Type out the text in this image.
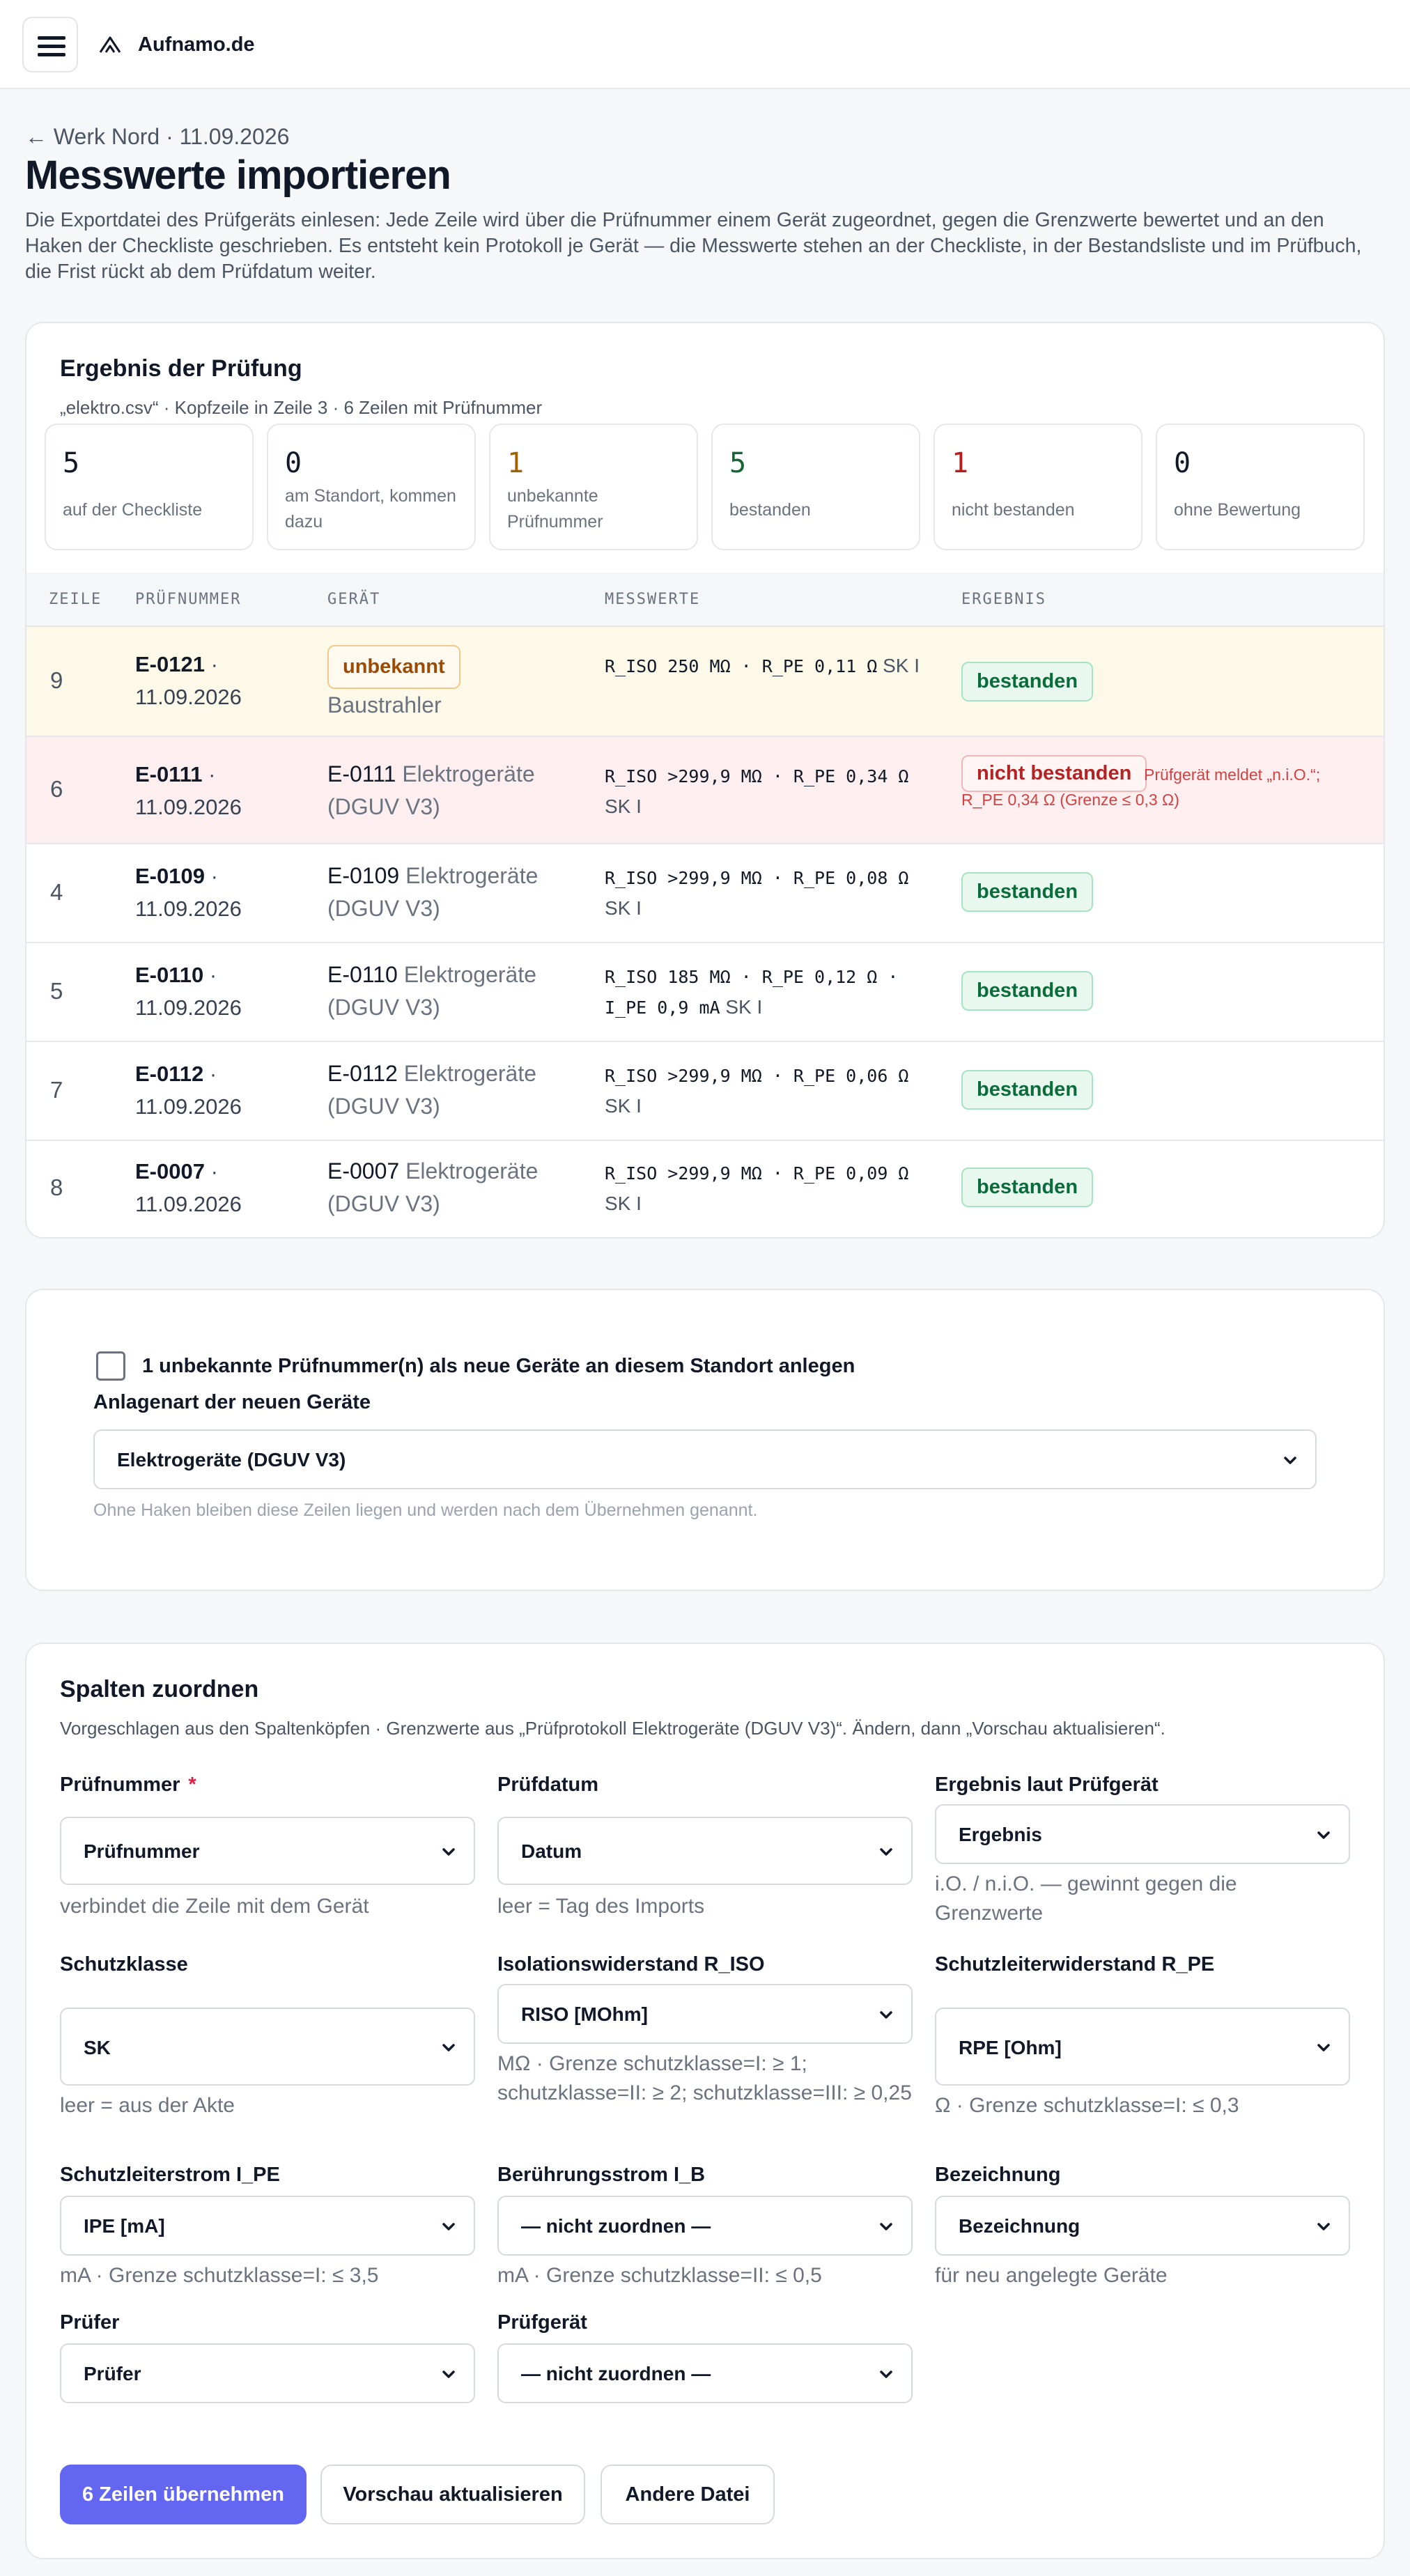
Aufnamo.de
← Werk Nord · 11.09.2026
Messwerte importieren

Die Exportdatei des Prüfgeräts einlesen: Jede Zeile wird über die Prüfnummer einem Gerät zugeordnet, gegen die Grenzwerte bewertet und an den Haken der Checkliste geschrieben. Es entsteht kein Protokoll je Gerät — die Messwerte stehen an der Checkliste, in der Bestandsliste und im Prüfbuch, die Frist rückt ab dem Prüfdatum weiter.

Ergebnis der Prüfung
„elektro.csv“ · Kopfzeile in Zeile 3 · 6 Zeilen mit Prüfnummer
5
auf der Checkliste
0
am Standort, kommen dazu
1
unbekannte Prüfnummer
5
bestanden
1
nicht bestanden
0
ohne Bewertung
ZEILE PRÜFNUMMER	GERÄT	MESSWERTE	ERGEBNIS
9
E-0121 · 11.09.2026
unbekannt
Baustrahler
R_ISO 250 MΩ · R_PE 0,11 Ω SK I
bestanden
6
E-0111 · 11.09.2026
E-0111 Elektrogeräte (DGUV V3)
R_ISO >299,9 MΩ · R_PE 0,34 Ω SK I
nicht bestanden Prüfgerät meldet „n.i.O.“; R_PE 0,34 Ω (Grenze ≤ 0,3 Ω)
4
E-0109 · 11.09.2026
E-0109 Elektrogeräte (DGUV V3)
R_ISO >299,9 MΩ · R_PE 0,08 Ω SK I
bestanden
5
E-0110 · 11.09.2026
E-0110 Elektrogeräte (DGUV V3)
R_ISO 185 MΩ · R_PE 0,12 Ω · I_PE 0,9 mA SK I
bestanden
7
E-0112 · 11.09.2026
E-0112 Elektrogeräte (DGUV V3)
R_ISO >299,9 MΩ · R_PE 0,06 Ω SK I
bestanden
8
E-0007 · 11.09.2026
E-0007 Elektrogeräte (DGUV V3)
R_ISO >299,9 MΩ · R_PE 0,09 Ω SK I
bestanden
1 unbekannte Prüfnummer(n) als neue Geräte an diesem Standort anlegen
Anlagenart der neuen Geräte
Elektrogeräte (DGUV V3)
Ohne Haken bleiben diese Zeilen liegen und werden nach dem Übernehmen genannt.
Spalten zuordnen
Vorgeschlagen aus den Spaltenköpfen · Grenzwerte aus „Prüfprotokoll Elektrogeräte (DGUV V3)“. Ändern, dann „Vorschau aktualisieren“.
Prüfnummer *
Prüfnummer
verbindet die Zeile mit dem Gerät
Prüfdatum
Datum
leer = Tag des Imports
Ergebnis laut Prüfgerät
Ergebnis
i.O. / n.i.O. — gewinnt gegen die Grenzwerte
Schutzklasse
SK
leer = aus der Akte
Isolationswiderstand R_ISO
RISO [MOhm]
MΩ · Grenze schutzklasse=I: ≥ 1; schutzklasse=II: ≥ 2; schutzklasse=III: ≥ 0,25
Schutzleiterwiderstand R_PE
RPE [Ohm]
Ω · Grenze schutzklasse=I: ≤ 0,3
Schutzleiterstrom I_PE
IPE [mA]
mA · Grenze schutzklasse=I: ≤ 3,5
Berührungsstrom I_B
— nicht zuordnen —
mA · Grenze schutzklasse=II: ≤ 0,5
Bezeichnung
Bezeichnung
für neu angelegte Geräte
Prüfer
Prüfer
Prüfgerät
— nicht zuordnen —
6 Zeilen übernehmen	Vorschau aktualisieren	Andere Datei
